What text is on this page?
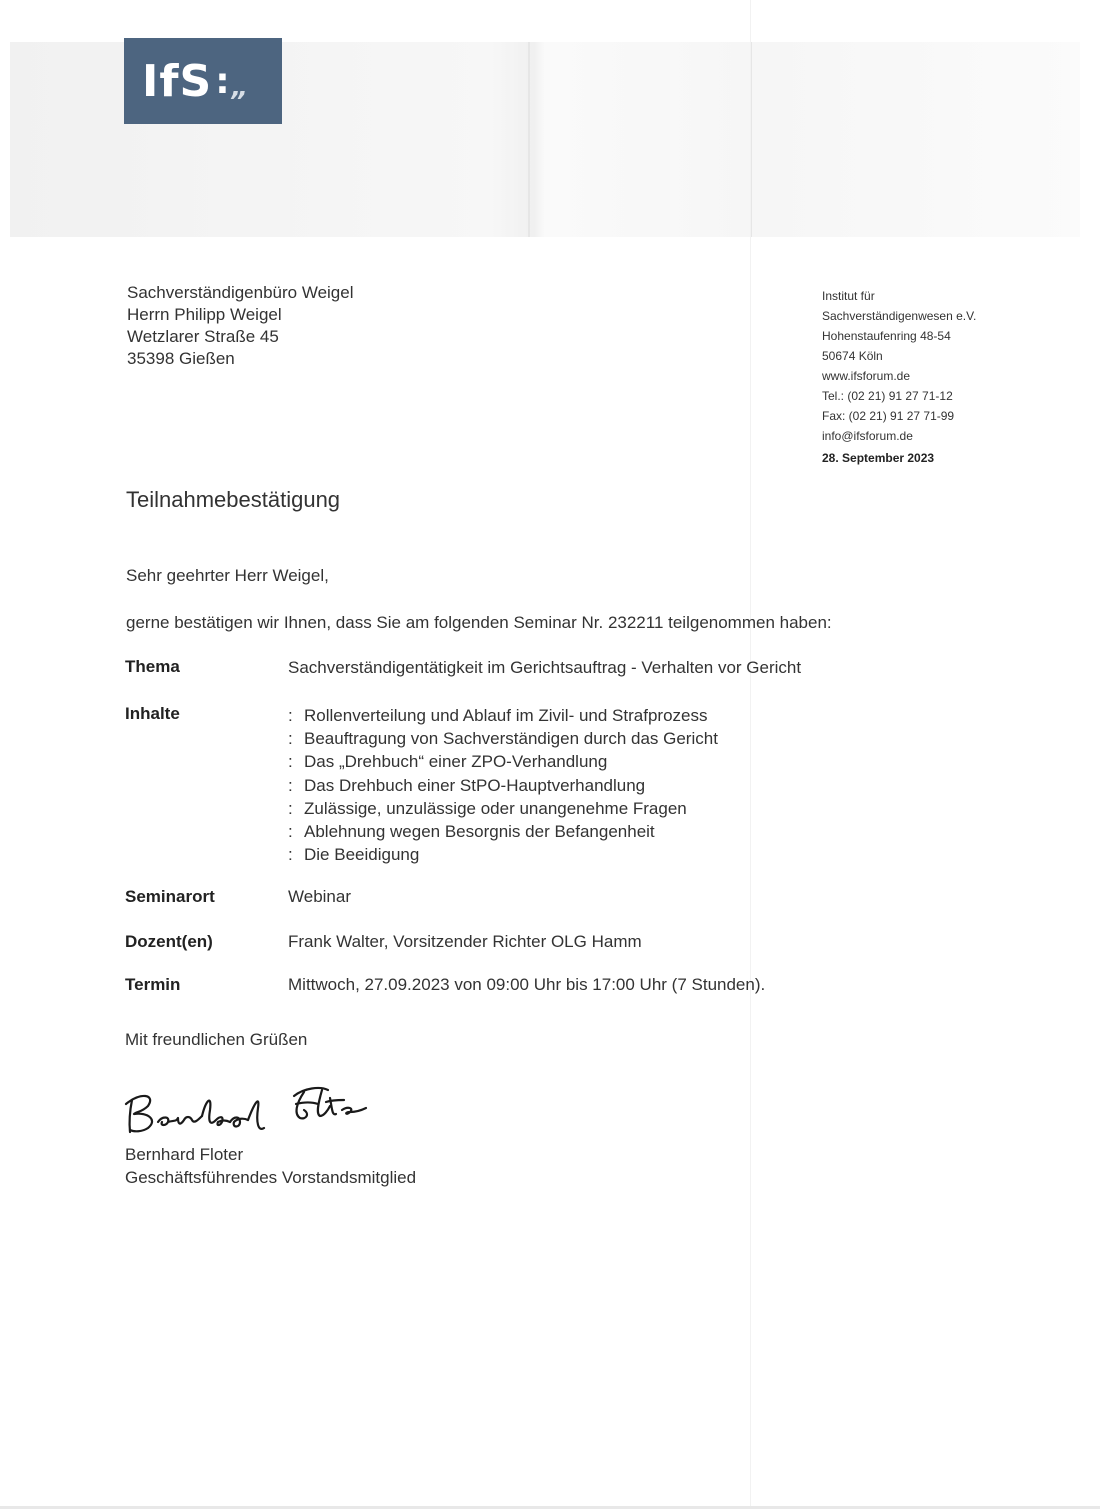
IfS : „
Sachverständigenbüro Weigel
Herrn Philipp Weigel
Wetzlarer Straße 45
35398 Gießen
Institut für
Sachverständigenwesen e.V.
Hohenstaufenring 48-54
50674 Köln
www.ifsforum.de
Tel.: (02 21) 91 27 71-12
Fax: (02 21) 91 27 71-99
info@ifsforum.de
28. September 2023
Teilnahmebestätigung
Sehr geehrter Herr Weigel,
gerne bestätigen wir Ihnen, dass Sie am folgenden Seminar Nr. 232211 teilgenommen haben:
Thema	Sachverständigentätigkeit im Gerichtsauftrag - Verhalten vor Gericht
Inhalte	: Rollenverteilung und Ablauf im Zivil- und Strafprozess
: Beauftragung von Sachverständigen durch das Gericht
: Das „Drehbuch“ einer ZPO-Verhandlung
: Das Drehbuch einer StPO-Hauptverhandlung
: Zulässige, unzulässige oder unangenehme Fragen
: Ablehnung wegen Besorgnis der Befangenheit
: Die Beeidigung
Seminarort	Webinar
Dozent(en)	Frank Walter, Vorsitzender Richter OLG Hamm
Termin	Mittwoch, 27.09.2023 von 09:00 Uhr bis 17:00 Uhr (7 Stunden).
Mit freundlichen Grüßen
Bernhard Floter
Geschäftsführendes Vorstandsmitglied
